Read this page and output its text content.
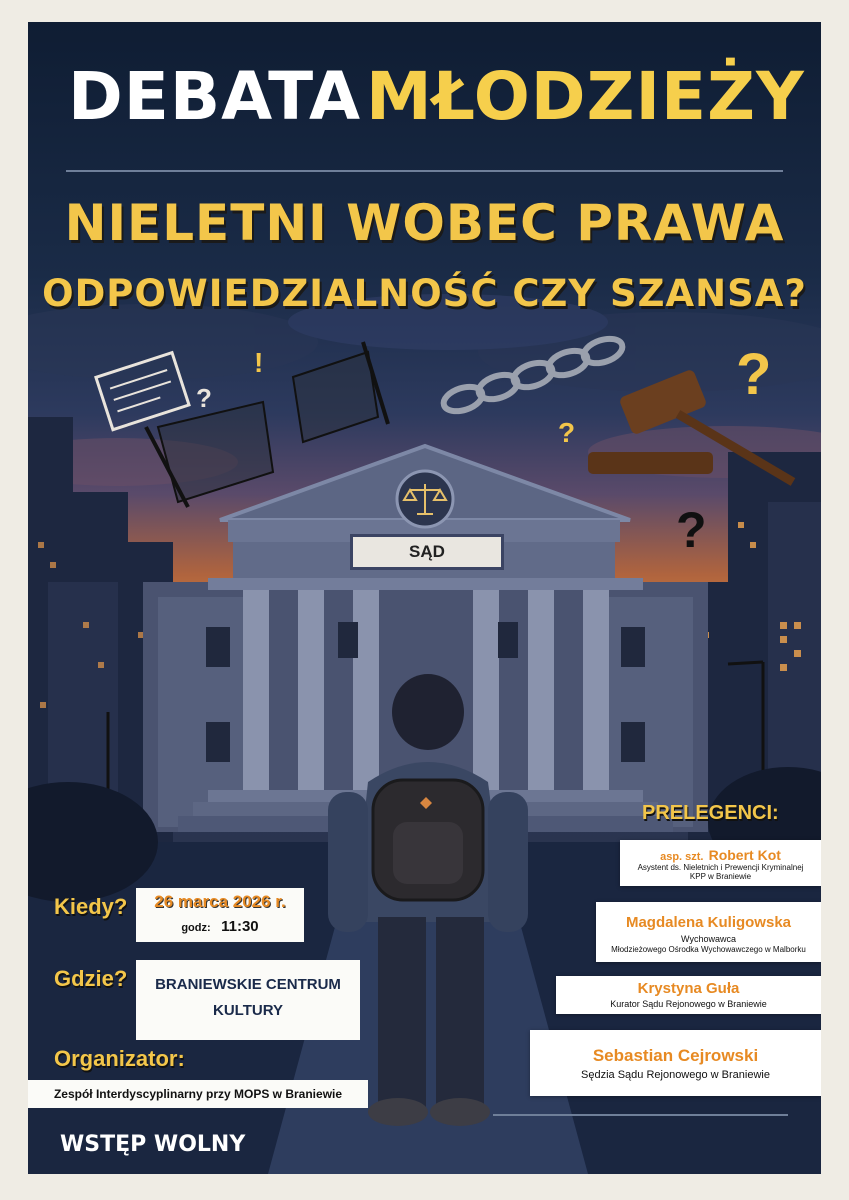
?
?
?
?
!
DEBATA MŁODZIEŻY
NIELETNI WOBEC PRAWA
ODPOWIEDZIALNOŚĆ CZY SZANSA?
SĄD
Kiedy?	26 marca 2026 r.
godz: 11:30
Gdzie?	BRANIEWSKIE CENTRUM
KULTURY
Organizator:
Zespół Interdyscyplinarny przy MOPS w Braniewie
WSTĘP WOLNY
PRELEGENCI:
asp. szt. Robert Kot
Asystent ds. Nieletnich i Prewencji Kryminalnej
KPP w Braniewie
Magdalena Kuligowska
Wychowawca
Młodzieżowego Ośrodka Wychowawczego w Malborku
Krystyna Guła
Kurator Sądu Rejonowego w Braniewie
Sebastian Cejrowski
Sędzia Sądu Rejonowego w Braniewie
